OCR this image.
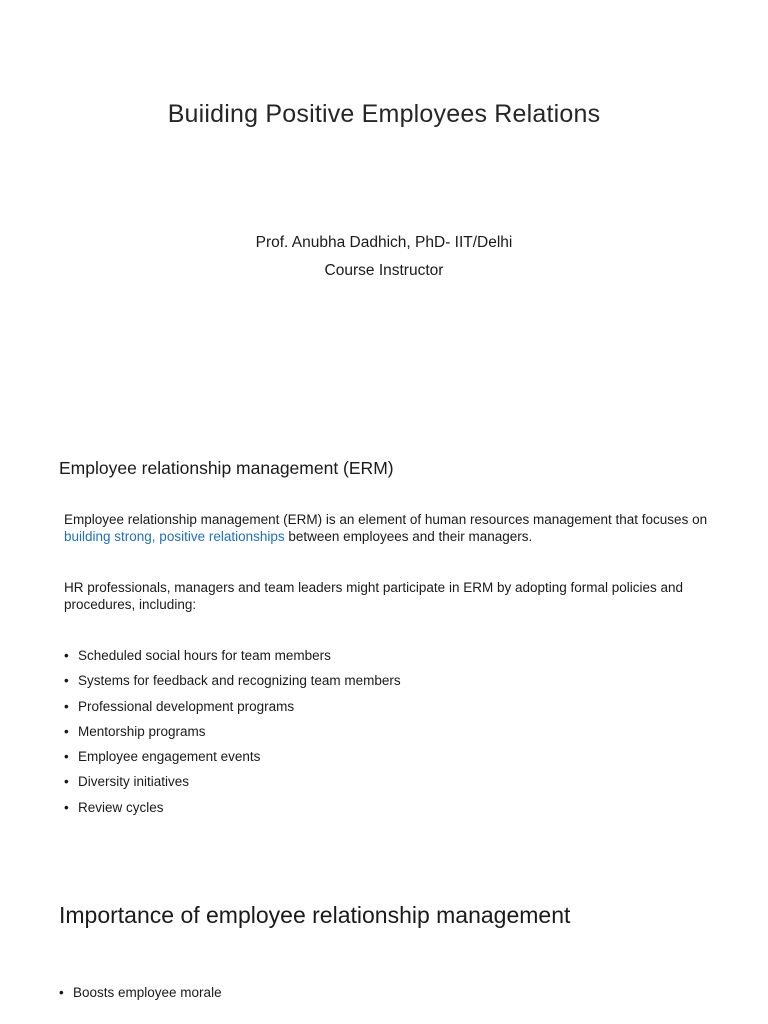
Buiiding Positive Employees Relations
Prof. Anubha Dadhich, PhD- IIT/Delhi
Course Instructor
Employee relationship management (ERM)
Employee relationship management (ERM) is an element of human resources management that focuses on building strong, positive relationships between employees and their managers.
HR professionals, managers and team leaders might participate in ERM by adopting formal policies and procedures, including:
• Scheduled social hours for team members
• Systems for feedback and recognizing team members
• Professional development programs
• Mentorship programs
• Employee engagement events
• Diversity initiatives
• Review cycles
Importance of employee relationship management
• Boosts employee morale
